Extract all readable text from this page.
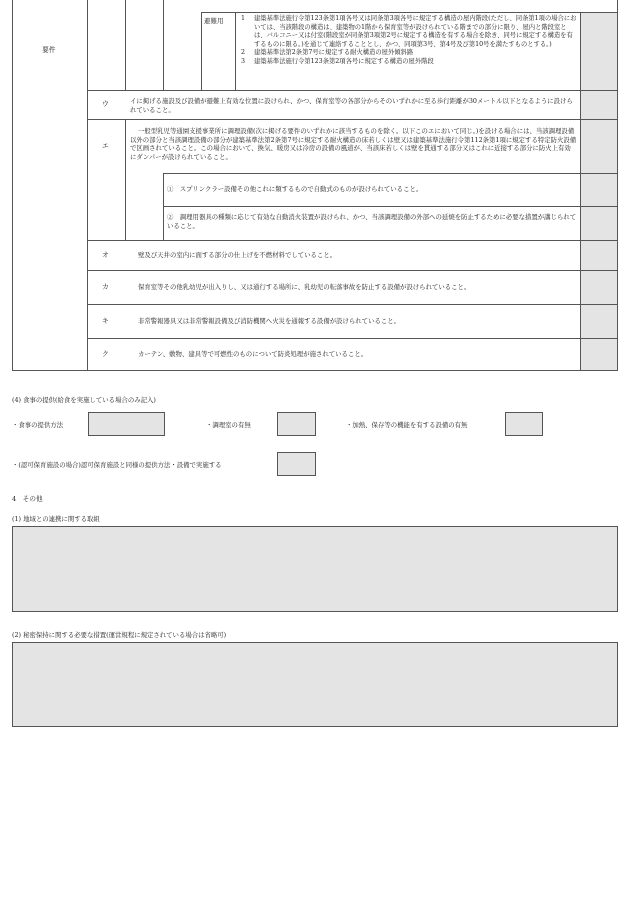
要件
避難用	1	建築基準法施行令第123条第1項各号又は同条第3項各号に規定する構造の屋内階段(ただし、同条第1項の場合においては、当該階段の構造は、建築物の1階から保育室等が設けられている階までの部分に限り、屋内と階段室とは、バルコニー又は付室(階段室が同条第3項第2号に規定する構造を有する場合を除き、同号に規定する構造を有するものに限る。)を通じて連絡することとし、かつ、同項第3号、第4号及び第10号を満たすものとする。)
2	建築基準法第2条第7号に規定する耐火構造の屋外傾斜路
3	建築基準法施行令第123条第2項各号に規定する構造の屋外階段
ウ	イに掲げる施設及び設備が避難上有効な位置に設けられ、かつ、保育室等の各部分からそのいずれかに至る歩行距離が30メートル以下となるように設けられていること。
エ
一般型乳児等通園支援事業所に調理設備(次に掲げる要件のいずれかに該当するものを除く。以下このエにおいて同じ。)を設ける場合には、当該調理設備以外の部分と当該調理設備の部分が建築基準法第2条第7号に規定する耐火構造の床若しくは壁又は建築基準法施行令第112条第1項に規定する特定防火設備で区画されていること。この場合において、換気、暖房又は冷房の設備の風道が、当該床若しくは壁を貫通する部分又はこれに近接する部分に防火上有効にダンパーが設けられていること。
①　 スプリンクラー設備その他これに類するもので自動式のものが設けられていること。
②　 調理用器具の種類に応じて有効な自動消火装置が設けられ、かつ、当該調理設備の外部への延焼を防止するために必要な措置が講じられていること。
オ	壁及び天井の室内に面する部分の仕上げを不燃材料でしていること。
カ	保育室等その他乳幼児が出入りし、又は通行する場所に、乳幼児の転落事故を防止する設備が設けられていること。
キ	非常警報器具又は非常警報設備及び消防機関へ火災を通報する設備が設けられていること。
ク	カーテン、敷物、建具等で可燃性のものについて防炎処理が施されていること。
(4) 食事の提供(給食を実施している場合のみ記入)
・食事の提供方法	・調理室の有無	・加熱、保存等の機能を有する設備の有無
・(認可保育施設の場合)認可保育施設と同様の提供方法・設備で実施する
4　その他
(1) 地域との連携に関する取組
(2) 秘密保持に関する必要な措置(運営規程に規定されている場合は省略可)
